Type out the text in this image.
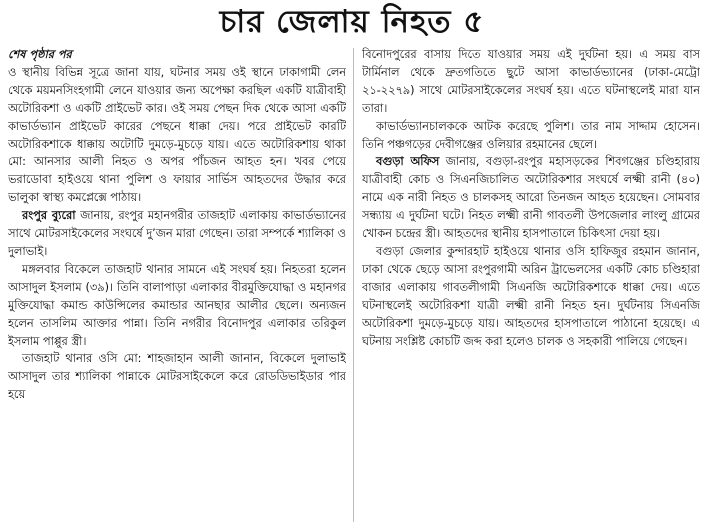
চার জেলায় নিহত ৫

শেষ পৃষ্ঠার পর

ও স্থানীয় বিভিন্ন সূত্রে জানা যায়, ঘটনার সময় ওই স্থানে ঢাকাগামী লেন থেকে ময়মনসিংহগামী লেনে যাওয়ার জন্য অপেক্ষা করছিল একটি যাত্রীবাহী অটোরিকশা ও একটি প্রাইভেট কার। ওই সময় পেছন দিক থেকে আসা একটি কাভার্ডভ্যান প্রাইভেট কারের পেছনে ধাক্কা দেয়। পরে প্রাইভেট কারটি অটোরিকশাকে ধাক্কায় অটোটি দুমড়ে-মুচড়ে যায়। এতে অটোরিকশায় থাকা মো: আনসার আলী নিহত ও অপর পাঁচজন আহত হন। খবর পেয়ে ভরাডোবা হাইওয়ে থানা পুলিশ ও ফায়ার সার্ভিস আহতদের উদ্ধার করে ভালুকা স্বাস্থ্য কমপ্লেক্সে পাঠায়।

রংপুর ব্যুরো জানায়, রংপুর মহানগরীর তাজহাট এলাকায় কাভার্ডভ্যানের সাথে মোটরসাইকেলের সংঘর্ষে দু’জন মারা গেছেন। তারা সম্পর্কে শ্যালিকা ও দুলাভাই।

মঙ্গলবার বিকেলে তাজহাট থানার সামনে এই সংঘর্ষ হয়। নিহতরা হলেন আসাদুল ইসলাম (৩৯)। তিনি বালাপাড়া এলাকার বীরমুক্তিযোদ্ধা ও মহানগর মুক্তিযোদ্ধা কমান্ড কাউন্সিলের কমান্ডার আনছার আলীর ছেলে। অন্যজন হলেন তাসলিম আক্তার পান্না। তিনি নগরীর বিনোদপুর এলাকার তরিকুল ইসলাম পাপ্পুর স্ত্রী।

তাজহাট থানার ওসি মো: শাহজাহান আলী জানান, বিকেলে দুলাভাই আসাদুল তার শ্যালিকা পান্নাকে মোটরসাইকেলে করে রোডডিভাইডার পার হয়ে

বিনোদপুরের বাসায় দিতে যাওয়ার সময় এই দুর্ঘটনা হয়। এ সময় বাস টার্মিনাল থেকে দ্রুতগতিতে ছুটে আসা কাভার্ডভ্যানের (ঢাকা-মেট্রো ২১-২২৭৯) সাথে মোটরসাইকেলের সংঘর্ষ হয়। এতে ঘটনাস্থলেই মারা যান তারা।

কাভার্ডভ্যানচালককে আটক করেছে পুলিশ। তার নাম সাদ্দাম হোসেন। তিনি পঞ্চগড়ের দেবীগঞ্জের ওলিয়ার রহমানের ছেলে।

বগুড়া অফিস জানায়, বগুড়া-রংপুর মহাসড়কের শিবগঞ্জের চণ্ডিহারায় যাত্রীবাহী কোচ ও সিএনজিচালিত অটোরিকশার সংঘর্ষে লক্ষ্মী রানী (৪০) নামে এক নারী নিহত ও চালকসহ আরো তিনজন আহত হয়েছেন। সোমবার সন্ধ্যায় এ দুর্ঘটনা ঘটে। নিহত লক্ষ্মী রানী গাবতলী উপজেলার লাংলু গ্রামের খোকন চন্দ্রের স্ত্রী। আহতদের স্থানীয় হাসপাতালে চিকিৎসা দেয়া হয়।

বগুড়া জেলার কুন্দারহাট হাইওয়ে থানার ওসি হাফিজুর রহমান জানান, ঢাকা থেকে ছেড়ে আসা রংপুরগামী অরিন ট্রাভেলসের একটি কোচ চণ্ডিহারা বাজার এলাকায় গাবতলীগামী সিএনজি অটোরিকশাকে ধাক্কা দেয়। এতে ঘটনাস্থলেই অটোরিকশা যাত্রী লক্ষ্মী রানী নিহত হন। দুর্ঘটনায় সিএনজি অটোরিকশা দুমড়ে-মুচড়ে যায়। আহতদের হাসপাতালে পাঠানো হয়েছে। এ ঘটনায় সংশ্লিষ্ট কোচটি জব্দ করা হলেও চালক ও সহকারী পালিয়ে গেছেন।
